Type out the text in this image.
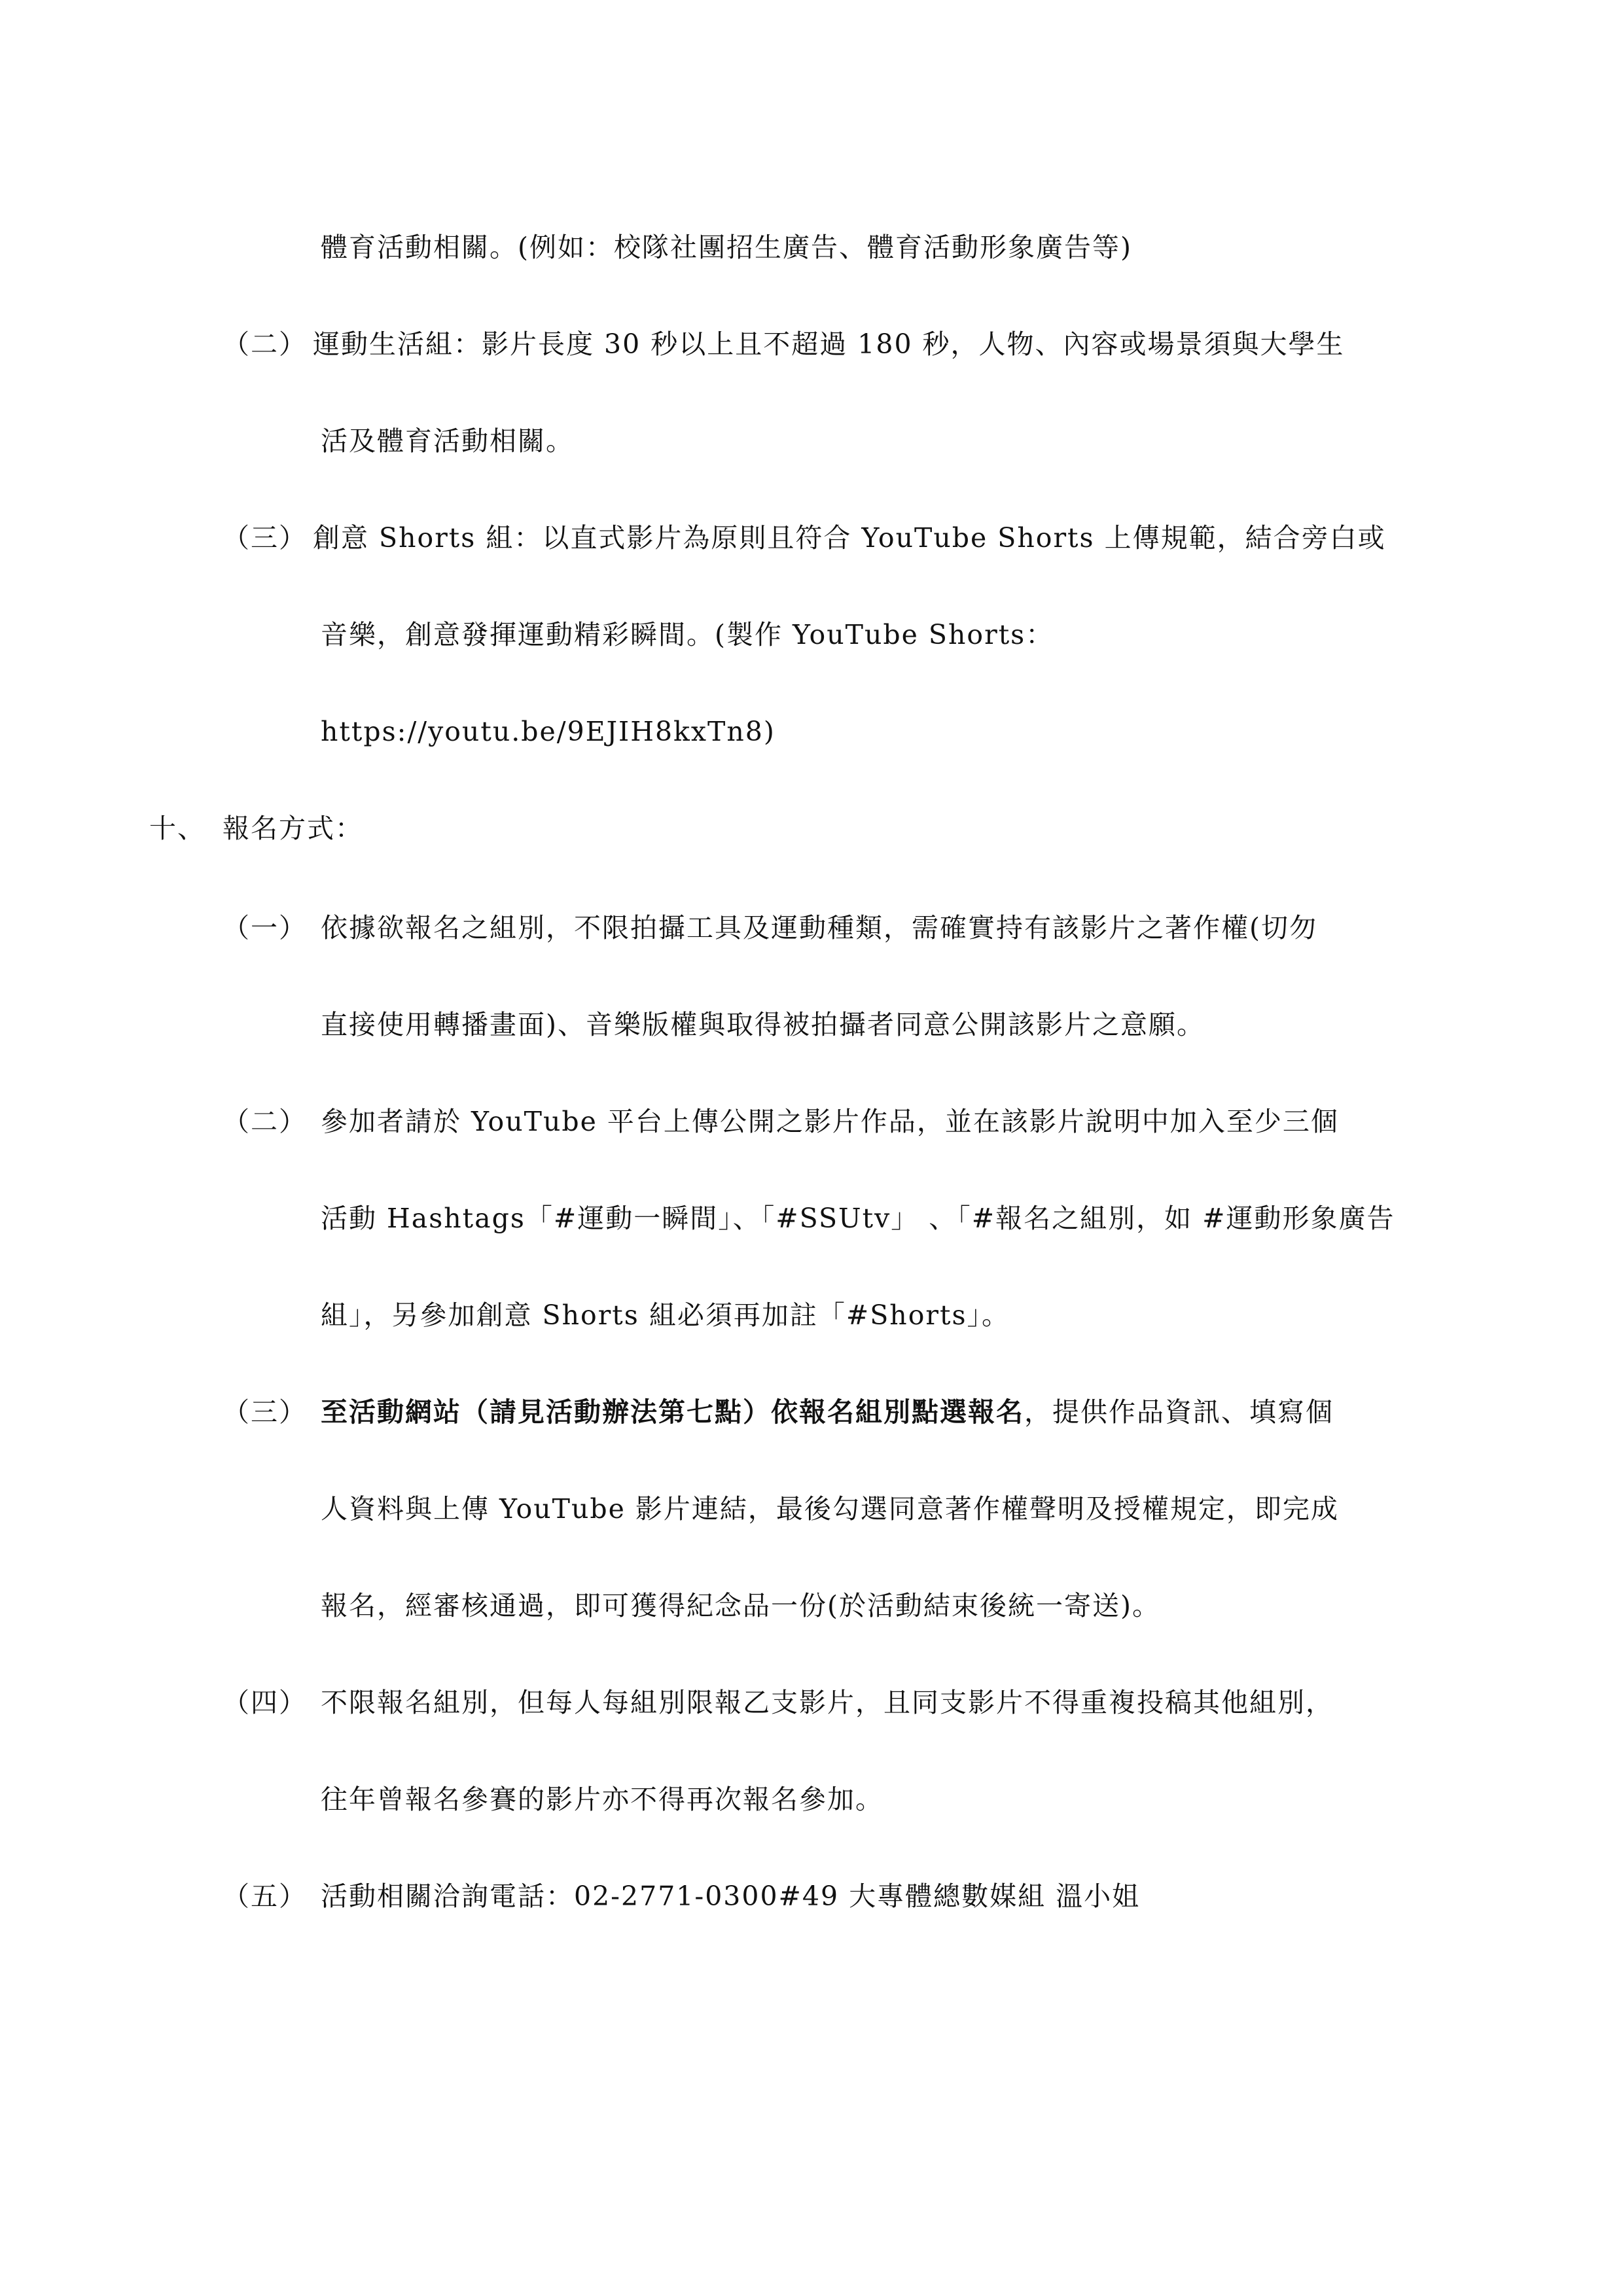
體育活動相關。(例如：校隊社團招生廣告、體育活動形象廣告等)
（二） 運動生活組：影片長度 30 秒以上且不超過 180 秒，人物、內容或場景須與大學生
活及體育活動相關。
（三） 創意 Shorts 組：以直式影片為原則且符合 YouTube Shorts 上傳規範，結合旁白或
音樂，創意發揮運動精彩瞬間。(製作 YouTube Shorts：
https://youtu.be/9EJIH8kxTn8)
十、 報名方式：
（一） 依據欲報名之組別，不限拍攝工具及運動種類，需確實持有該影片之著作權(切勿
直接使用轉播畫面)、音樂版權與取得被拍攝者同意公開該影片之意願。
（二） 參加者請於 YouTube 平台上傳公開之影片作品，並在該影片說明中加入至少三個
活動 Hashtags「#運動一瞬間」、「#SSUtv」 、「#報名之組別，如 #運動形象廣告
組」，另參加創意 Shorts 組必須再加註「#Shorts」。
（三） 至活動網站（請見活動辦法第七點）依報名組別點選報名，提供作品資訊、填寫個
人資料與上傳 YouTube 影片連結，最後勾選同意著作權聲明及授權規定，即完成
報名，經審核通過，即可獲得紀念品一份(於活動結束後統一寄送)。
（四） 不限報名組別，但每人每組別限報乙支影片，且同支影片不得重複投稿其他組別，
往年曾報名參賽的影片亦不得再次報名參加。
（五） 活動相關洽詢電話：02-2771-0300#49 大專體總數媒組 溫小姐
